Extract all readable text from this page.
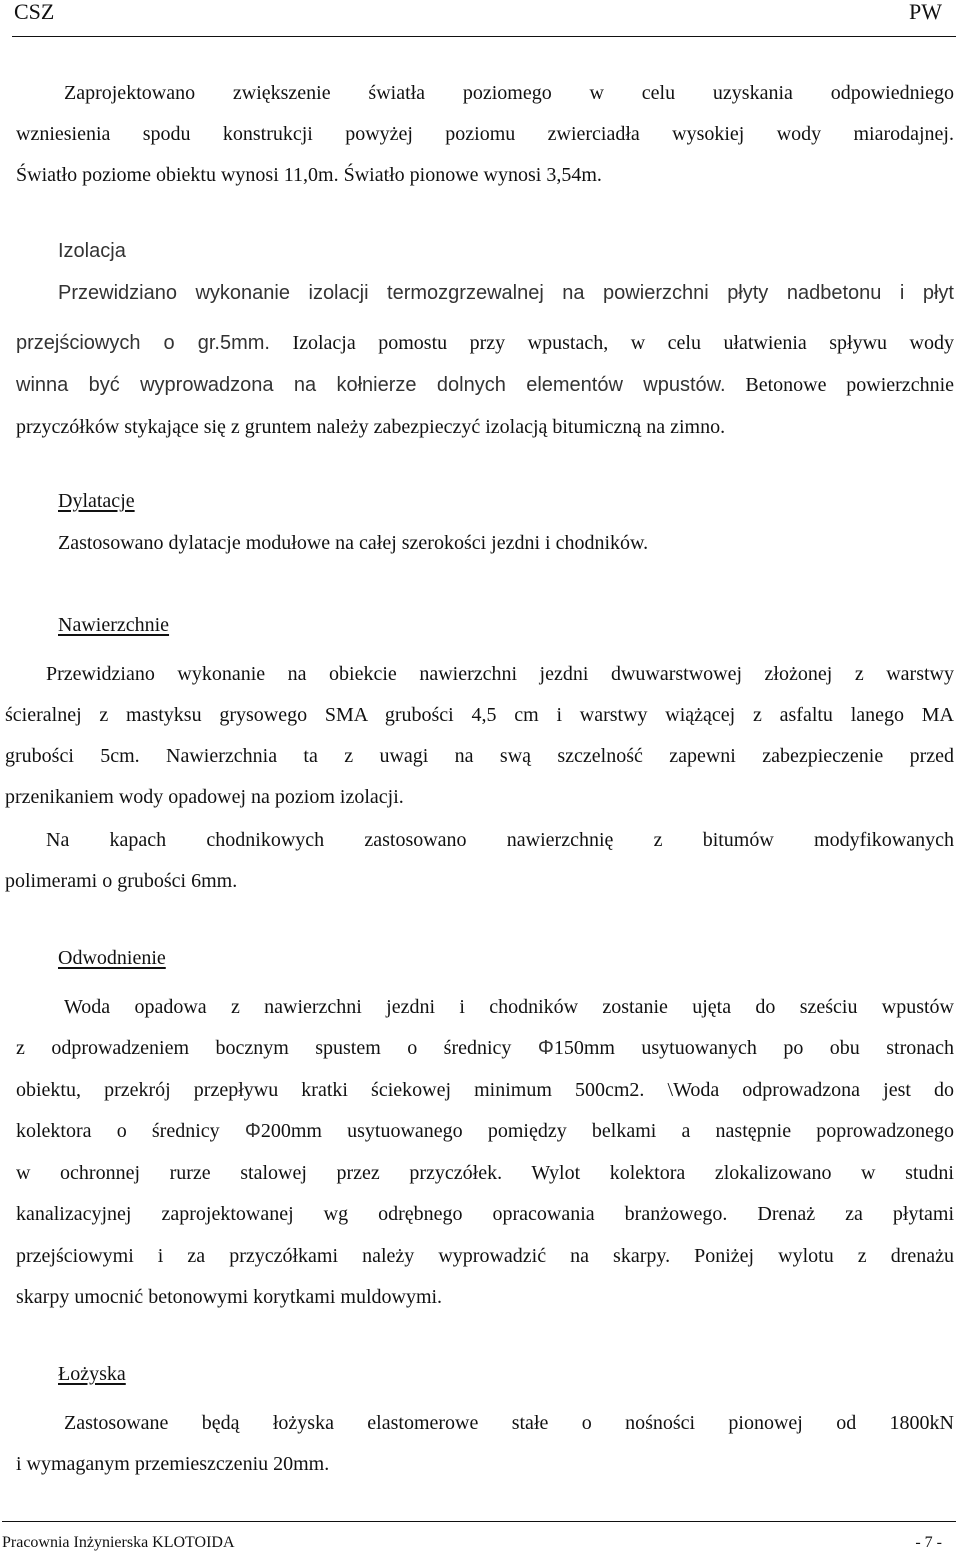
CSZ	PW

Zaprojektowano zwiększenie światła poziomego w celu uzyskania odpowiedniego

wzniesienia spodu konstrukcji powyżej poziomu zwierciadła wysokiej wody miarodajnej.

Światło poziome obiektu wynosi 11,0m. Światło pionowe wynosi 3,54m.

Izolacja

Przewidziano wykonanie izolacji termozgrzewalnej na powierzchni płyty nadbetonu i płyt

przejściowych o gr.5mm. Izolacja pomostu przy wpustach, w celu ułatwienia spływu wody

winna być wyprowadzona na kołnierze dolnych elementów wpustów. Betonowe powierzchnie

przyczółków stykające się z gruntem należy zabezpieczyć izolacją bitumiczną na zimno.

Dylatacje

Zastosowano dylatacje modułowe na całej szerokości jezdni i chodników.

Nawierzchnie

Przewidziano wykonanie na obiekcie nawierzchni jezdni dwuwarstwowej złożonej z warstwy

ścieralnej z mastyksu grysowego SMA grubości 4,5 cm i warstwy wiążącej z asfaltu lanego MA

grubości 5cm. Nawierzchnia ta z uwagi na swą szczelność zapewni zabezpieczenie przed

przenikaniem wody opadowej na poziom izolacji.

Na kapach chodnikowych zastosowano nawierzchnię z bitumów modyfikowanych

polimerami o grubości 6mm.

Odwodnienie

Woda opadowa z nawierzchni jezdni i chodników zostanie ujęta do sześciu wpustów

z odprowadzeniem bocznym spustem o średnicy Φ150mm usytuowanych po obu stronach

obiektu, przekrój przepływu kratki ściekowej minimum 500cm2. \Woda odprowadzona jest do

kolektora o średnicy Φ200mm usytuowanego pomiędzy belkami a następnie poprowadzonego

w ochronnej rurze stalowej przez przyczółek. Wylot kolektora zlokalizowano w studni

kanalizacyjnej zaprojektowanej wg odrębnego opracowania branżowego. Drenaż za płytami

przejściowymi i za przyczółkami należy wyprowadzić na skarpy. Poniżej wylotu z drenażu

skarpy umocnić betonowymi korytkami muldowymi.

Łożyska

Zastosowane będą łożyska elastomerowe stałe o nośności pionowej od 1800kN

i wymaganym przemieszczeniu 20mm.

Pracownia Inżynierska KLOTOIDA	- 7 -
